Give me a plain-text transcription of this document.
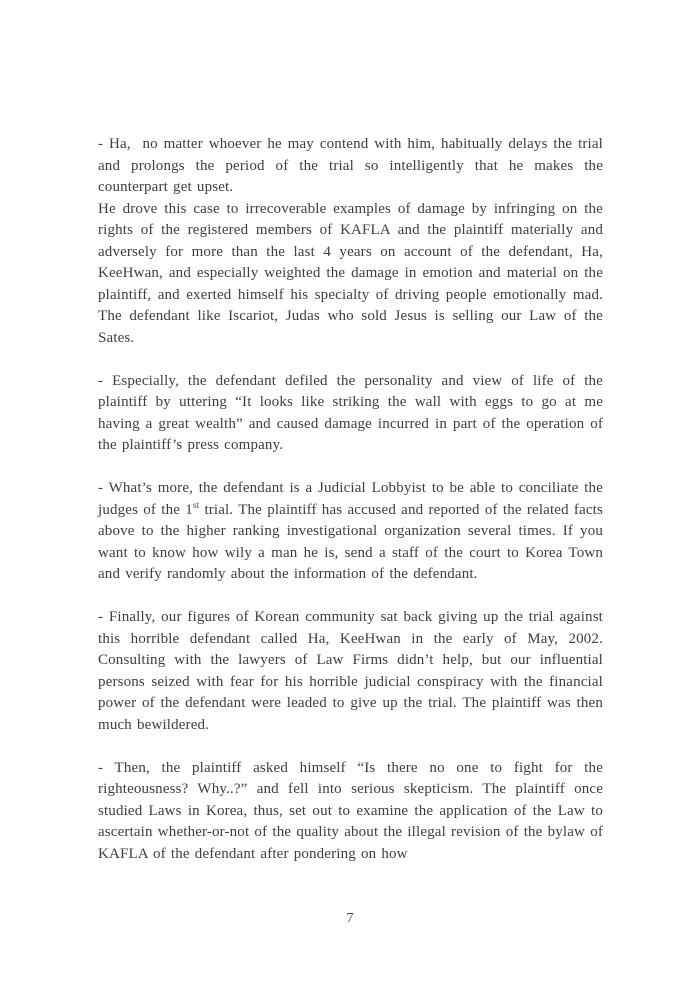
- Ha,  no matter whoever he may contend with him, habitually delays the trial and prolongs the period of the trial so intelligently that he makes the counterpart get upset.

He drove this case to irrecoverable examples of damage by infringing on the rights of the registered members of KAFLA and the plaintiff materially and adversely for more than the last 4 years on account of the defendant, Ha, KeeHwan, and especially weighted the damage in emotion and material on the plaintiff, and exerted himself his specialty of driving people emotionally mad. The defendant like Iscariot, Judas who sold Jesus is selling our Law of the Sates.

- Especially, the defendant defiled the personality and view of life of the plaintiff by uttering “It looks like striking the wall with eggs to go at me having a great wealth” and caused damage incurred in part of the operation of the plaintiff’s press company.

- What’s more, the defendant is a Judicial Lobbyist to be able to conciliate the judges of the 1st trial. The plaintiff has accused and reported of the related facts above to the higher ranking investigational organization several times. If you want to know how wily a man he is, send a staff of the court to Korea Town and verify randomly about the information of the defendant.

- Finally, our figures of Korean community sat back giving up the trial against this horrible defendant called Ha, KeeHwan in the early of May, 2002. Consulting with the lawyers of Law Firms didn’t help, but our influential persons seized with fear for his horrible judicial conspiracy with the financial power of the defendant were leaded to give up the trial. The plaintiff was then much bewildered.

- Then, the plaintiff asked himself “Is there no one to fight for the righteousness? Why..?” and fell into serious skepticism. The plaintiff once studied Laws in Korea, thus, set out to examine the application of the Law to ascertain whether-or-not of the quality about the illegal revision of the bylaw of KAFLA of the defendant after pondering on how

7
